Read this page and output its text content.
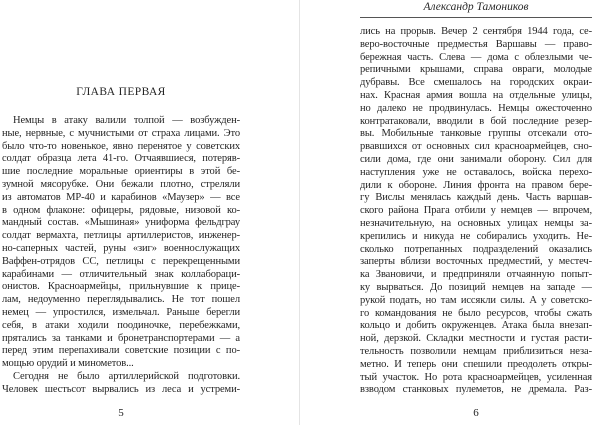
ГЛАВА ПЕРВАЯ
Немцы в атаку валили толпой — возбужден-
ные, нервные, с мучнистыми от страха лицами. Это
было что-то новенькое, явно перенятое у советских
солдат образца лета 41-го. Отчаявшиеся, потеряв-
шие последние моральные ориентиры в этой бе-
зумной мясорубке. Они бежали плотно, стреляли
из автоматов МР-40 и карабинов «Маузер» — все
в одном флаконе: офицеры, рядовые, низовой ко-
мандный состав. «Мышиная» униформа фельдграу
солдат вермахта, петлицы артиллеристов, инженер-
но-саперных частей, руны «зиг» военнослужащих
Ваффен-отрядов СС, петлицы с перекрещенными
карабинами — отличительный знак коллабораци-
онистов. Красноармейцы, прильнувшие к прице-
лам, недоуменно переглядывались. Не тот пошел
немец — упростился, измельчал. Раньше берегли
себя, в атаки ходили поодиночке, перебежками,
прятались за танками и бронетранспортерами — а
перед этим перепахивали советские позиции с по-
мощью орудий и минометов...
Сегодня не было артиллерийской подготовки.
Человек шестьсот вырвались из леса и устреми-
5
Александр Тамоников
лись на прорыв. Вечер 2 сентября 1944 года, се-
веро-восточные предместья Варшавы — право-
бережная часть. Слева — дома с облезлыми че-
репичными крышами, справа овраги, молодые
дубравы. Все смешалось на городских окраи-
нах. Красная армия вошла на отдельные улицы,
но далеко не продвинулась. Немцы ожесточенно
контратаковали, вводили в бой последние резер-
вы. Мобильные танковые группы отсекали ото-
рвавшихся от основных сил красноармейцев, сно-
сили дома, где они занимали оборону. Сил для
наступления уже не оставалось, войска перехо-
дили к обороне. Линия фронта на правом бере-
гу Вислы менялась каждый день. Часть варшав-
ского района Прага отбили у немцев — впрочем,
незначительную, на основных улицах немцы за-
крепились и никуда не собирались уходить. Не-
сколько потрепанных подразделений оказались
заперты вблизи восточных предместий, у местеч-
ка Звановичи, и предприняли отчаянную попыт-
ку вырваться. До позиций немцев на западе —
рукой подать, но там иссякли силы. А у советско-
го командования не было ресурсов, чтобы сжать
кольцо и добить окруженцев. Атака была внезап-
ной, дерзкой. Складки местности и густая расти-
тельность позволили немцам приблизиться неза-
метно. И теперь они спешили преодолеть откры-
тый участок. Но рота красноармейцев, усиленная
взводом станковых пулеметов, не дремала. Раз-
6
